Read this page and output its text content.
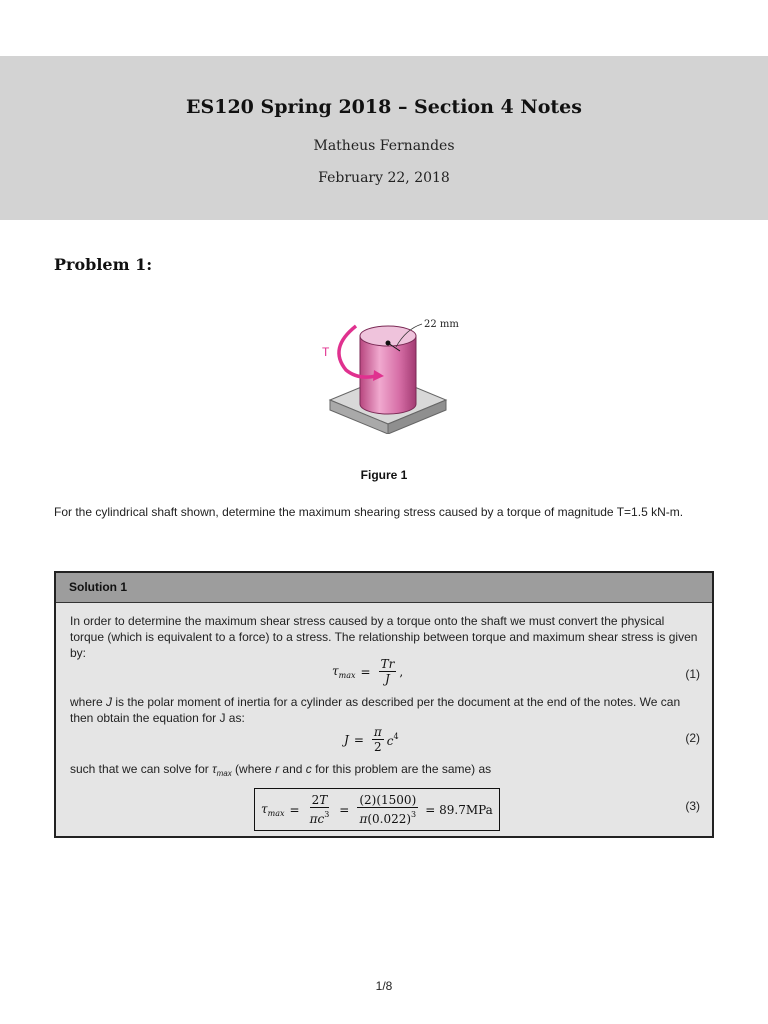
ES120 Spring 2018 – Section 4 Notes
Matheus Fernandes
February 22, 2018
Problem 1:
22 mm
T
Figure 1
For the cylindrical shaft shown, determine the maximum shearing stress caused by a torque of magnitude T=1.5 kN-m.
Solution 1
In order to determine the maximum shear stress caused by a torque onto the shaft we must convert the physical torque (which is equivalent to a force) to a stress. The relationship between torque and maximum shear stress is given by:
$\tau_{max} = \frac{Tr}{J}$ ,	(1)
where J is the polar moment of inertia for a cylinder as described per the document at the end of the notes. We can then obtain the equation for J as:
$J = \frac{\pi}{2} c^4$	(2)
such that we can solve for $\tau_{max}$ (where r and c for this problem are the same) as
$\tau_{max} = \frac{2T}{\pi c^3} = \frac{(2)(1500)}{\pi(0.022)^3} = 89.7MPa$	(3)
1/8
